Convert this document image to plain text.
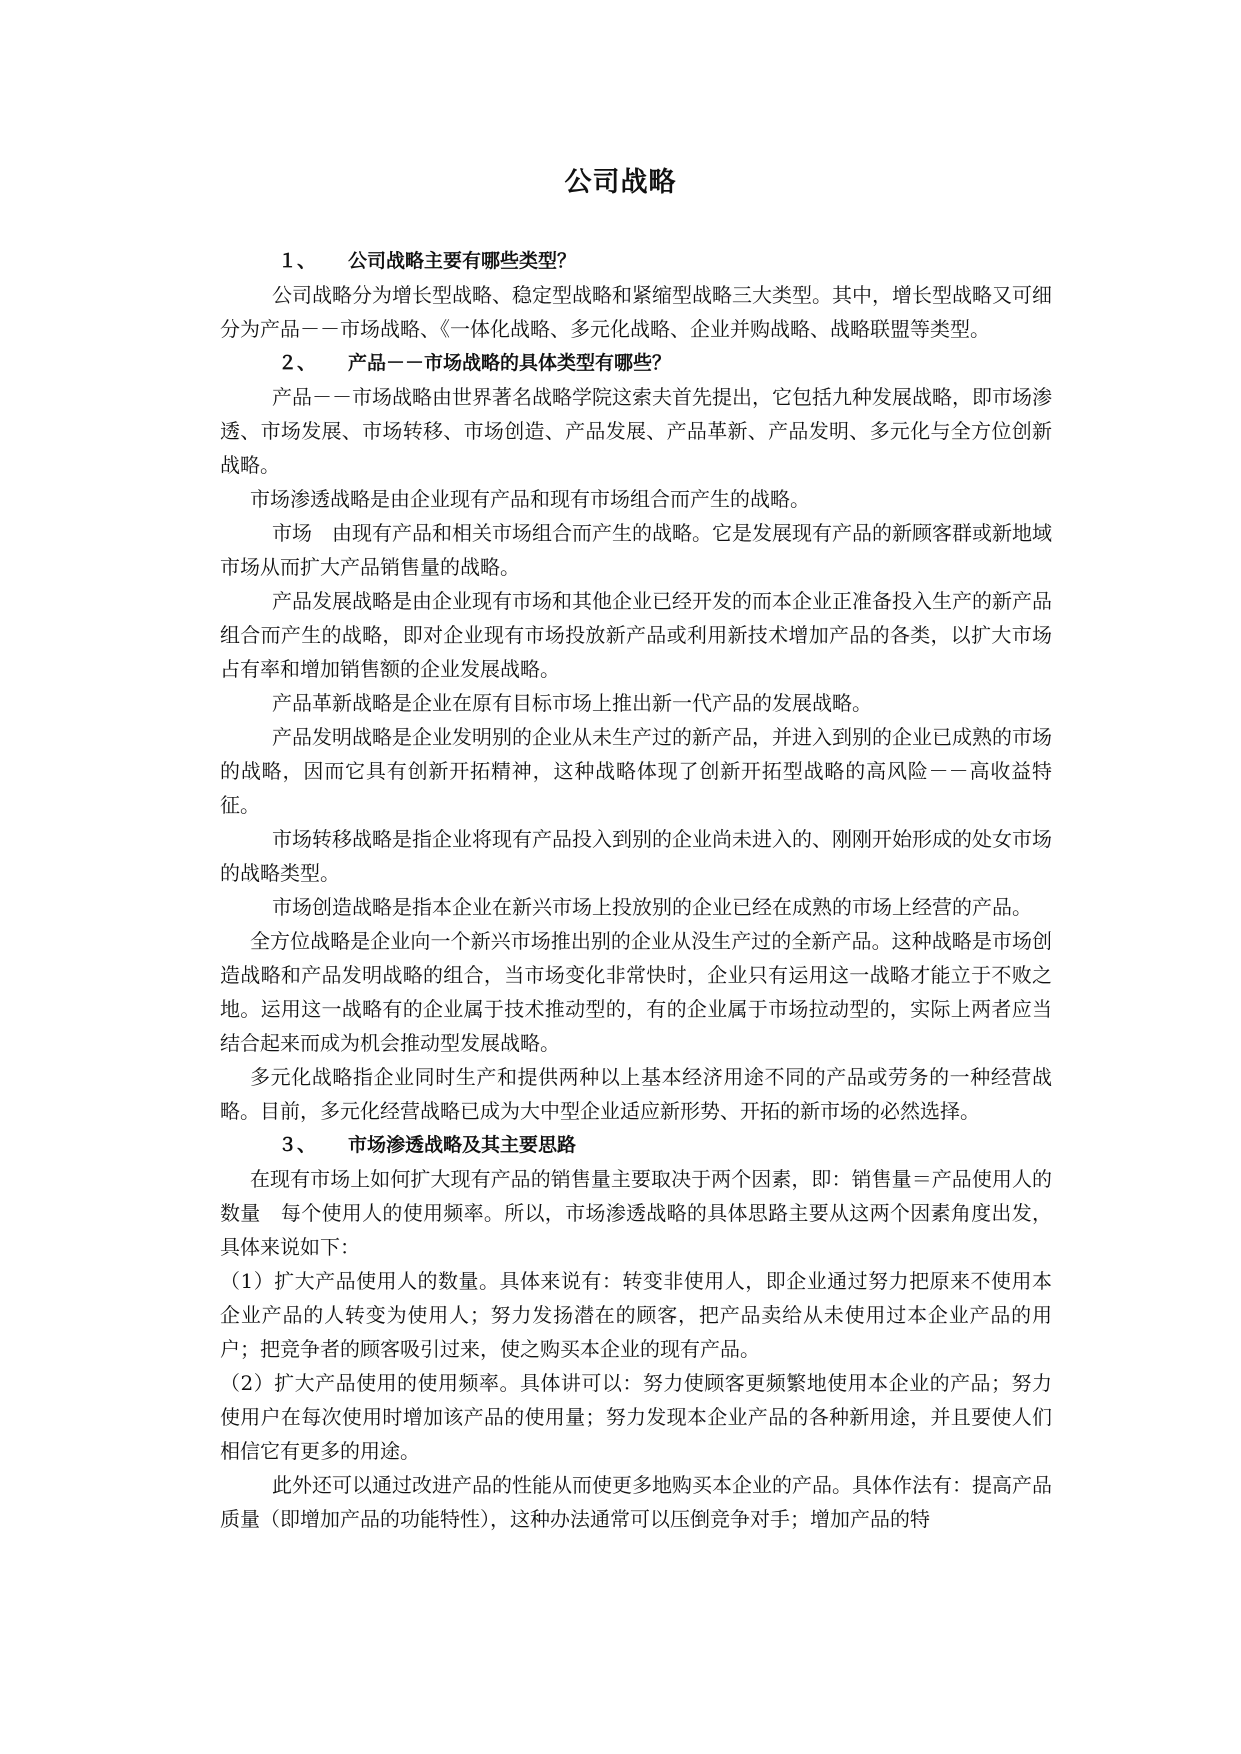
公司战略
１、 公司战略主要有哪些类型？

公司战略分为增长型战略、稳定型战略和紧缩型战略三大类型。其中，增长型战略又可细分为产品－－市场战略、《一体化战略、多元化战略、企业并购战略、战略联盟等类型。

２、 产品－－市场战略的具体类型有哪些？

产品－－市场战略由世界著名战略学院这索夫首先提出，它包括九种发展战略，即市场渗透、市场发展、市场转移、市场创造、产品发展、产品革新、产品发明、多元化与全方位创新战略。

市场渗透战略是由企业现有产品和现有市场组合而产生的战略。

市场　由现有产品和相关市场组合而产生的战略。它是发展现有产品的新顾客群或新地域市场从而扩大产品销售量的战略。

产品发展战略是由企业现有市场和其他企业已经开发的而本企业正准备投入生产的新产品组合而产生的战略，即对企业现有市场投放新产品或利用新技术增加产品的各类，以扩大市场占有率和增加销售额的企业发展战略。

产品革新战略是企业在原有目标市场上推出新一代产品的发展战略。

产品发明战略是企业发明别的企业从未生产过的新产品，并进入到别的企业已成熟的市场的战略，因而它具有创新开拓精神，这种战略体现了创新开拓型战略的高风险－－高收益特征。

市场转移战略是指企业将现有产品投入到别的企业尚未进入的、刚刚开始形成的处女市场的战略类型。

市场创造战略是指本企业在新兴市场上投放别的企业已经在成熟的市场上经营的产品。

全方位战略是企业向一个新兴市场推出别的企业从没生产过的全新产品。这种战略是市场创造战略和产品发明战略的组合，当市场变化非常快时，企业只有运用这一战略才能立于不败之地。运用这一战略有的企业属于技术推动型的，有的企业属于市场拉动型的，实际上两者应当结合起来而成为机会推动型发展战略。

多元化战略指企业同时生产和提供两种以上基本经济用途不同的产品或劳务的一种经营战略。目前，多元化经营战略已成为大中型企业适应新形势、开拓的新市场的必然选择。

３、 市场渗透战略及其主要思路

在现有市场上如何扩大现有产品的销售量主要取决于两个因素，即：销售量＝产品使用人的数量　每个使用人的使用频率。所以，市场渗透战略的具体思路主要从这两个因素角度出发，具体来说如下：

（1）扩大产品使用人的数量。具体来说有：转变非使用人，即企业通过努力把原来不使用本企业产品的人转变为使用人；努力发扬潜在的顾客，把产品卖给从未使用过本企业产品的用户；把竞争者的顾客吸引过来，使之购买本企业的现有产品。

（2）扩大产品使用的使用频率。具体讲可以：努力使顾客更频繁地使用本企业的产品；努力使用户在每次使用时增加该产品的使用量；努力发现本企业产品的各种新用途，并且要使人们相信它有更多的用途。

此外还可以通过改进产品的性能从而使更多地购买本企业的产品。具体作法有：提高产品质量（即增加产品的功能特性），这种办法通常可以压倒竞争对手；增加产品的特
